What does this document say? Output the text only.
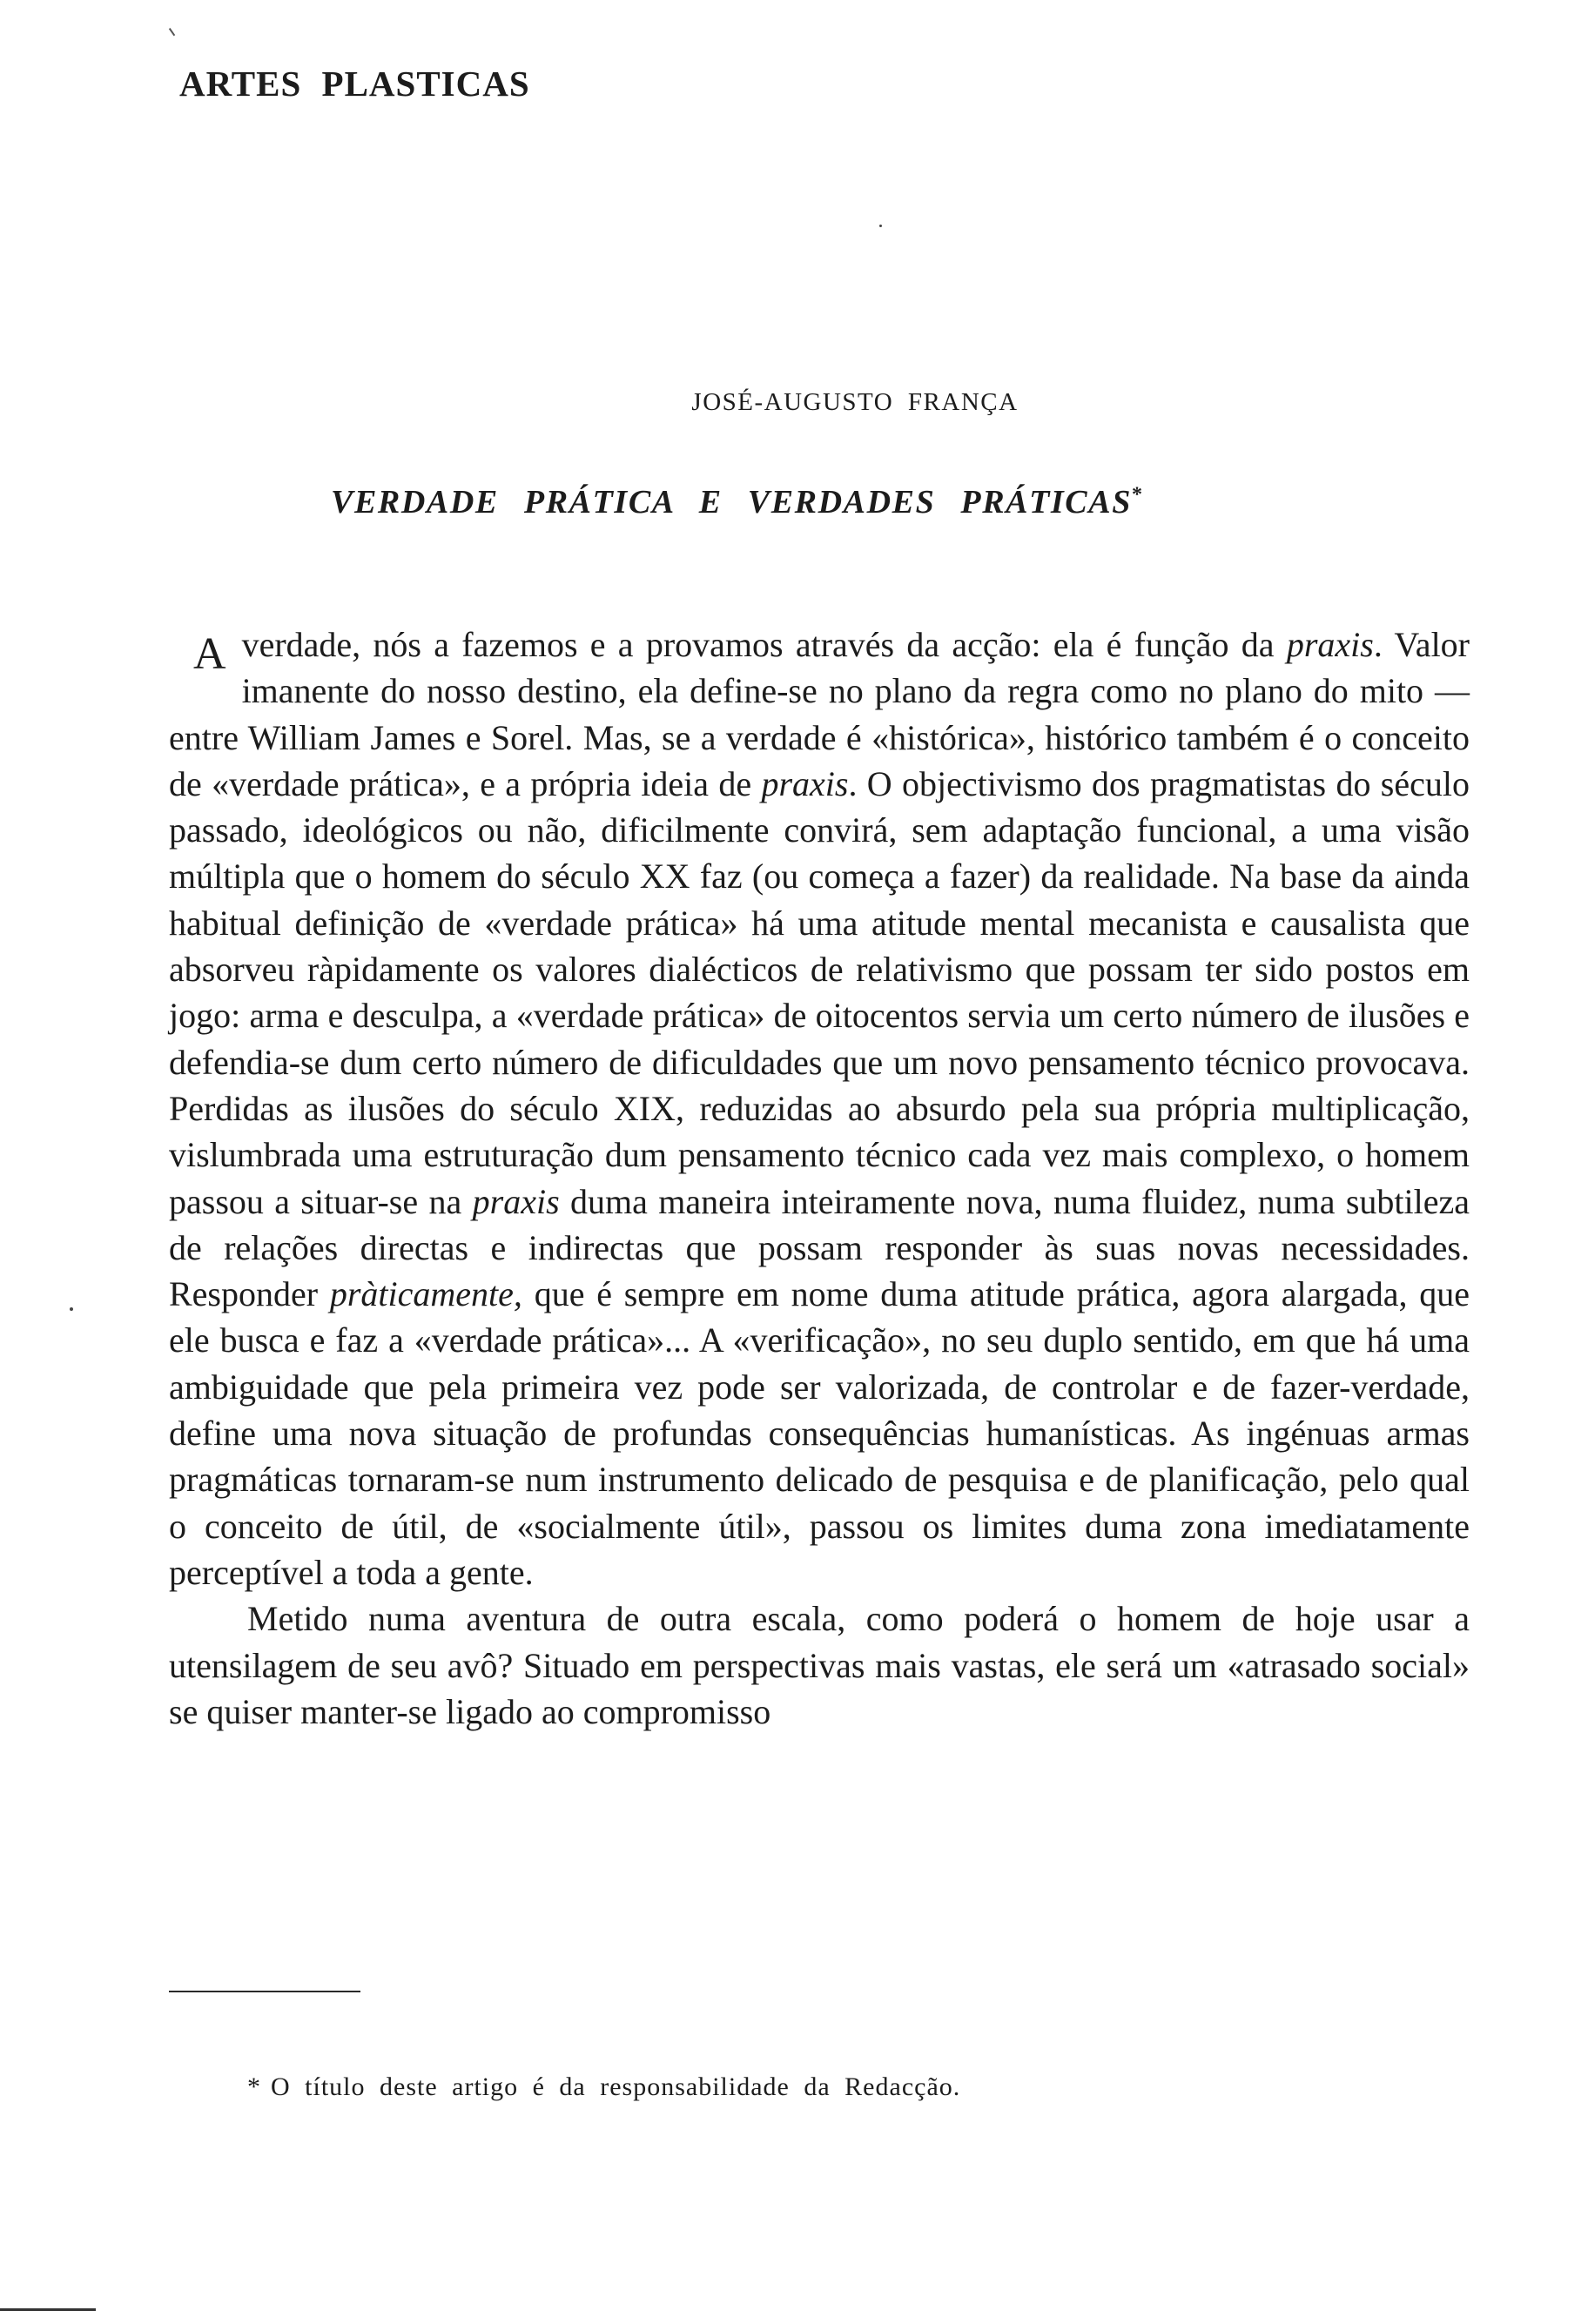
ARTES PLASTICAS

JOSÉ-AUGUSTO FRANÇA

VERDADE PRÁTICA E VERDADES PRÁTICAS*

A verdade, nós a fazemos e a provamos através da acção: ela é função da praxis. Valor imanente do nosso destino, ela define-se no plano da regra como no plano do mito — entre William James e Sorel. Mas, se a verdade é «histórica», histórico também é o conceito de «verdade prática», e a própria ideia de praxis. O objectivismo dos pragmatistas do século passado, ideológicos ou não, dificilmente convirá, sem adaptação funcional, a uma visão múltipla que o homem do século XX faz (ou começa a fazer) da realidade. Na base da ainda habitual definição de «verdade prática» há uma atitude mental mecanista e causalista que absorveu ràpidamente os valores dialécticos de relativismo que possam ter sido postos em jogo: arma e desculpa, a «verdade prática» de oitocentos servia um certo número de ilusões e defendia-se dum certo número de dificuldades que um novo pensamento técnico provocava. Perdidas as ilusões do século XIX, reduzidas ao absurdo pela sua própria multiplicação, vislumbrada uma estruturação dum pensamento técnico cada vez mais complexo, o homem passou a situar-se na praxis duma maneira inteiramente nova, numa fluidez, numa subtileza de relações directas e indirectas que possam responder às suas novas necessidades. Responder pràticamente, que é sempre em nome duma atitude prática, agora alargada, que ele busca e faz a «verdade prática»... A «verificação», no seu duplo sentido, em que há uma ambiguidade que pela primeira vez pode ser valorizada, de controlar e de fazer-verdade, define uma nova situação de profundas consequências humanísticas. As ingénuas armas pragmáticas tornaram-se num instrumento delicado de pesquisa e de planificação, pelo qual o conceito de útil, de «socialmente útil», passou os limites duma zona imediatamente perceptível a toda a gente.

Metido numa aventura de outra escala, como poderá o homem de hoje usar a utensilagem de seu avô? Situado em perspectivas mais vastas, ele será um «atrasado social» se quiser manter-se ligado ao compromisso

* O título deste artigo é da responsabilidade da Redacção.
